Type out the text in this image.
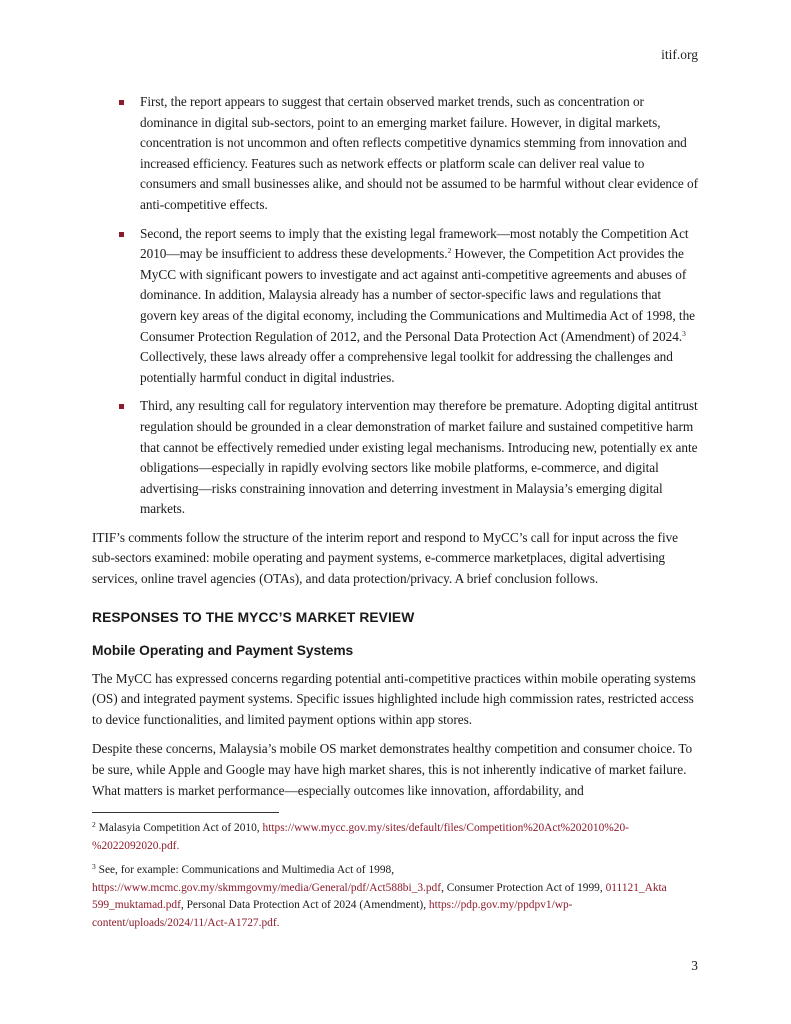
itif.org
First, the report appears to suggest that certain observed market trends, such as concentration or dominance in digital sub-sectors, point to an emerging market failure. However, in digital markets, concentration is not uncommon and often reflects competitive dynamics stemming from innovation and increased efficiency. Features such as network effects or platform scale can deliver real value to consumers and small businesses alike, and should not be assumed to be harmful without clear evidence of anti-competitive effects.
Second, the report seems to imply that the existing legal framework—most notably the Competition Act 2010—may be insufficient to address these developments.$^2$ However, the Competition Act provides the MyCC with significant powers to investigate and act against anti-competitive agreements and abuses of dominance. In addition, Malaysia already has a number of sector-specific laws and regulations that govern key areas of the digital economy, including the Communications and Multimedia Act of 1998, the Consumer Protection Regulation of 2012, and the Personal Data Protection Act (Amendment) of 2024.$^3$ Collectively, these laws already offer a comprehensive legal toolkit for addressing the challenges and potentially harmful conduct in digital industries.
Third, any resulting call for regulatory intervention may therefore be premature. Adopting digital antitrust regulation should be grounded in a clear demonstration of market failure and sustained competitive harm that cannot be effectively remedied under existing legal mechanisms. Introducing new, potentially ex ante obligations—especially in rapidly evolving sectors like mobile platforms, e-commerce, and digital advertising—risks constraining innovation and deterring investment in Malaysia’s emerging digital markets.

ITIF’s comments follow the structure of the interim report and respond to MyCC’s call for input across the five sub-sectors examined: mobile operating and payment systems, e-commerce marketplaces, digital advertising services, online travel agencies (OTAs), and data protection/privacy. A brief conclusion follows.

RESPONSES TO THE MYCC’S MARKET REVIEW
Mobile Operating and Payment Systems

The MyCC has expressed concerns regarding potential anti-competitive practices within mobile operating systems (OS) and integrated payment systems. Specific issues highlighted include high commission rates, restricted access to device functionalities, and limited payment options within app stores.

Despite these concerns, Malaysia’s mobile OS market demonstrates healthy competition and consumer choice. To be sure, while Apple and Google may have high market shares, this is not inherently indicative of market failure. What matters is market performance—especially outcomes like innovation, affordability, and

$^2$ Malasyia Competition Act of 2010, https://www.mycc.gov.my/sites/default/files/Competition%20Act%202010%20-%2022092020.pdf.

$^3$ See, for example: Communications and Multimedia Act of 1998,
https://www.mcmc.gov.my/skmmgovmy/media/General/pdf/Act588bi_3.pdf, Consumer Protection Act of 1999, 011121_Akta 599_muktamad.pdf, Personal Data Protection Act of 2024 (Amendment), https://pdp.gov.my/ppdpv1/wp-content/uploads/2024/11/Act-A1727.pdf.

3
